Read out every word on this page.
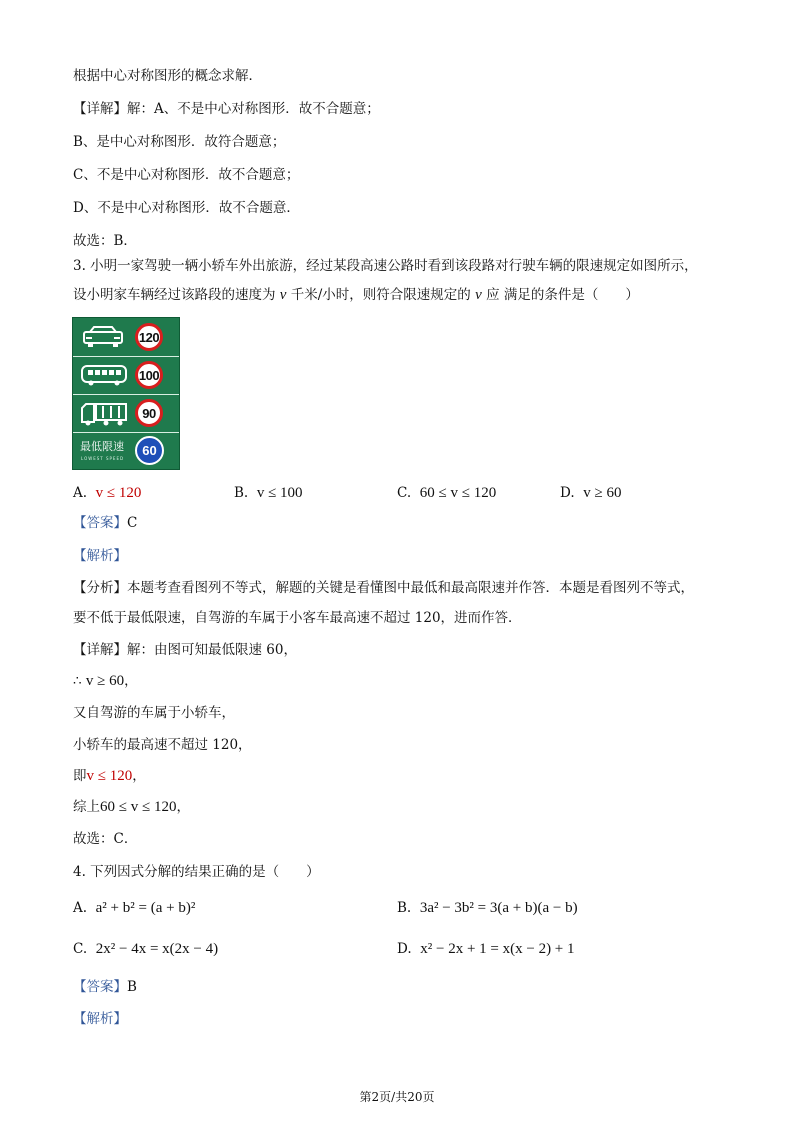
根据中心对称图形的概念求解．
【详解】解：A、不是中心对称图形．故不合题意；
B、是中心对称图形．故符合题意；
C、不是中心对称图形．故不合题意；
D、不是中心对称图形．故不合题意．
故选：B．
3. 小明一家驾驶一辆小轿车外出旅游，经过某段高速公路时看到该段路对行驶车辆的限速规定如图所示，
设小明家车辆经过该路段的速度为 v 千米/小时，则符合限速规定的 v 应 满足的条件是（　　）
120
100
90
最低限速
LOWEST SPEED
60
A. v ≤ 120	B. v ≤ 100	C. 60 ≤ v ≤ 120	D. v ≥ 60
【答案】C
【解析】
【分析】本题考查看图列不等式，解题的关键是看懂图中最低和最高限速并作答．本题是看图列不等式，
要不低于最低限速，自驾游的车属于小客车最高速不超过 120，进而作答．
【详解】解：由图可知最低限速 60，
∴ v ≥ 60，
又自驾游的车属于小轿车，
小轿车的最高速不超过 120，
即v ≤ 120，
综上60 ≤ v ≤ 120，
故选：C．
4. 下列因式分解的结果正确的是（　　）
A. a² + b² = (a + b)²	B. 3a² − 3b² = 3(a + b)(a − b)
C. 2x² − 4x = x(2x − 4)	D. x² − 2x + 1 = x(x − 2) + 1
【答案】B
【解析】
第2页/共20页
